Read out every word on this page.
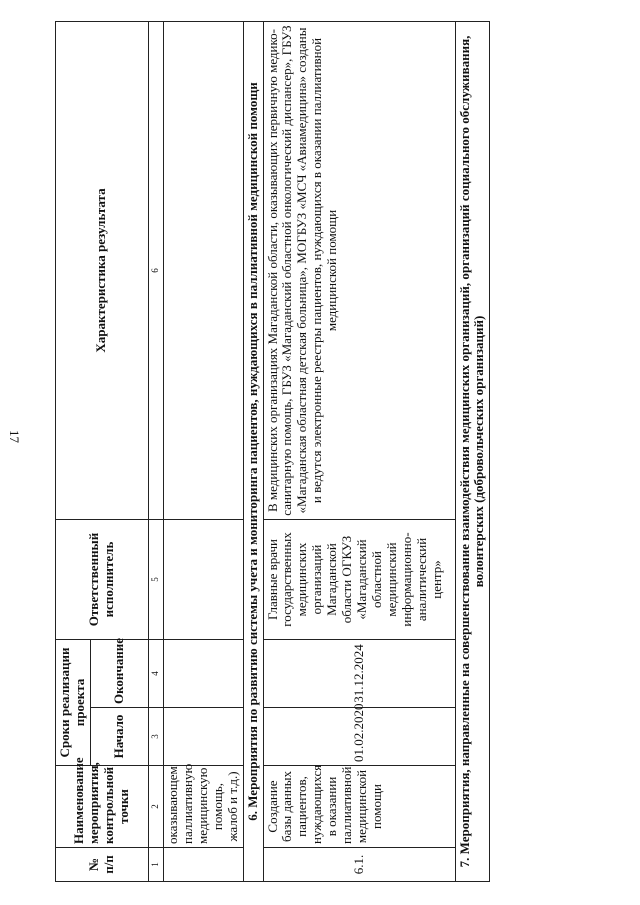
17
№ п/п	Наименование мероприятия, контрольной точки	Сроки реализации проекта		Ответственный исполнитель	Характеристика результата
		Начало	Окончание		
1	2	3	4	5	6
	оказывающем паллиативную медицинскую помощь, жалоб и т.д.)				
6. Мероприятия по развитию системы учета и мониторинга пациентов, нуждающихся в паллиативной медицинской помощи					
6.1.	Создание базы данных пациентов, нуждающихся в оказании паллиативной медицинской помощи	01.02.2020	31.12.2024	Главные врачи государственных медицинских организаций Магаданской области ОГКУЗ «Магаданский областной медицинский информационно-аналитический центр»	В медицинских организациях Магаданской области, оказывающих первичную медико-санитарную помощь, ГБУЗ «Магаданский областной онкологический диспансер», ГБУЗ «Магаданская областная детская больница», МОГБУЗ «МСЧ «Авиамедицина» созданы и ведутся электронные реестры пациентов, нуждающихся в оказании паллиативной медицинской помощи
7. Мероприятия, направленные на совершенствование взаимодействия медицинских организаций, организаций социального обслуживания, волонтерских (добровольческих организаций)					
